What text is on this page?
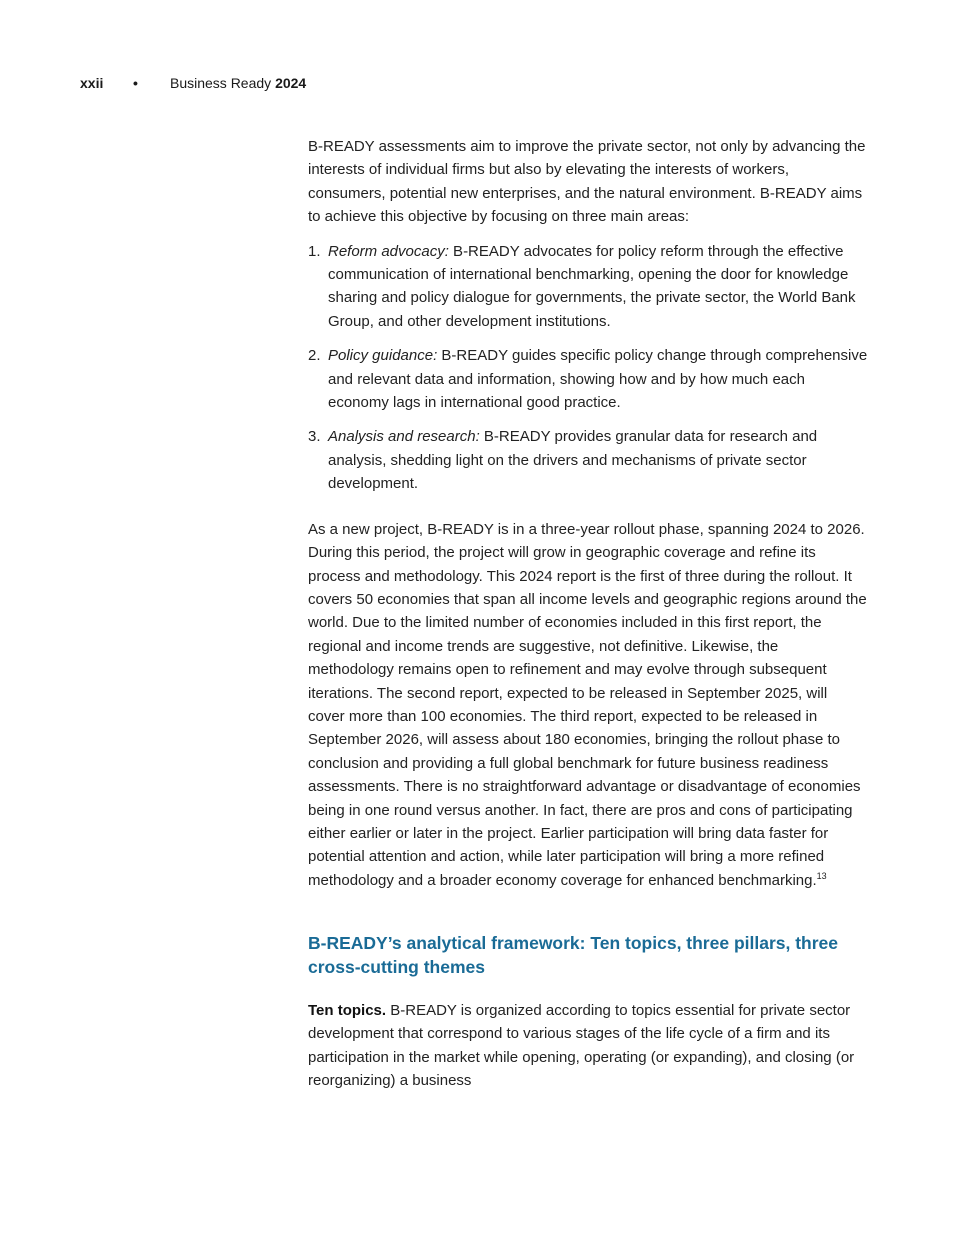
xxii • Business Ready 2024

B-READY assessments aim to improve the private sector, not only by advancing the interests of individual firms but also by elevating the interests of workers, consumers, potential new enterprises, and the natural environment. B-READY aims to achieve this objective by focusing on three main areas:

1. Reform advocacy: B-READY advocates for policy reform through the effective communication of international benchmarking, opening the door for knowledge sharing and policy dialogue for governments, the private sector, the World Bank Group, and other development institutions.
2. Policy guidance: B-READY guides specific policy change through comprehensive and relevant data and information, showing how and by how much each economy lags in international good practice.
3. Analysis and research: B-READY provides granular data for research and analysis, shedding light on the drivers and mechanisms of private sector development.

As a new project, B-READY is in a three-year rollout phase, spanning 2024 to 2026. During this period, the project will grow in geographic coverage and refine its process and methodology. This 2024 report is the first of three during the rollout. It covers 50 economies that span all income levels and geographic regions around the world. Due to the limited number of economies included in this first report, the regional and income trends are suggestive, not definitive. Likewise, the methodology remains open to refinement and may evolve through subsequent iterations. The second report, expected to be released in September 2025, will cover more than 100 economies. The third report, expected to be released in September 2026, will assess about 180 economies, bringing the rollout phase to conclusion and providing a full global benchmark for future business readiness assessments. There is no straightforward advantage or disadvantage of economies being in one round versus another. In fact, there are pros and cons of participating either earlier or later in the project. Earlier participation will bring data faster for potential attention and action, while later participation will bring a more refined methodology and a broader economy coverage for enhanced benchmarking.$^{13}$

B-READY’s analytical framework: Ten topics, three pillars, three cross-cutting themes

Ten topics. B-READY is organized according to topics essential for private sector development that correspond to various stages of the life cycle of a firm and its participation in the market while opening, operating (or expanding), and closing (or reorganizing) a business
